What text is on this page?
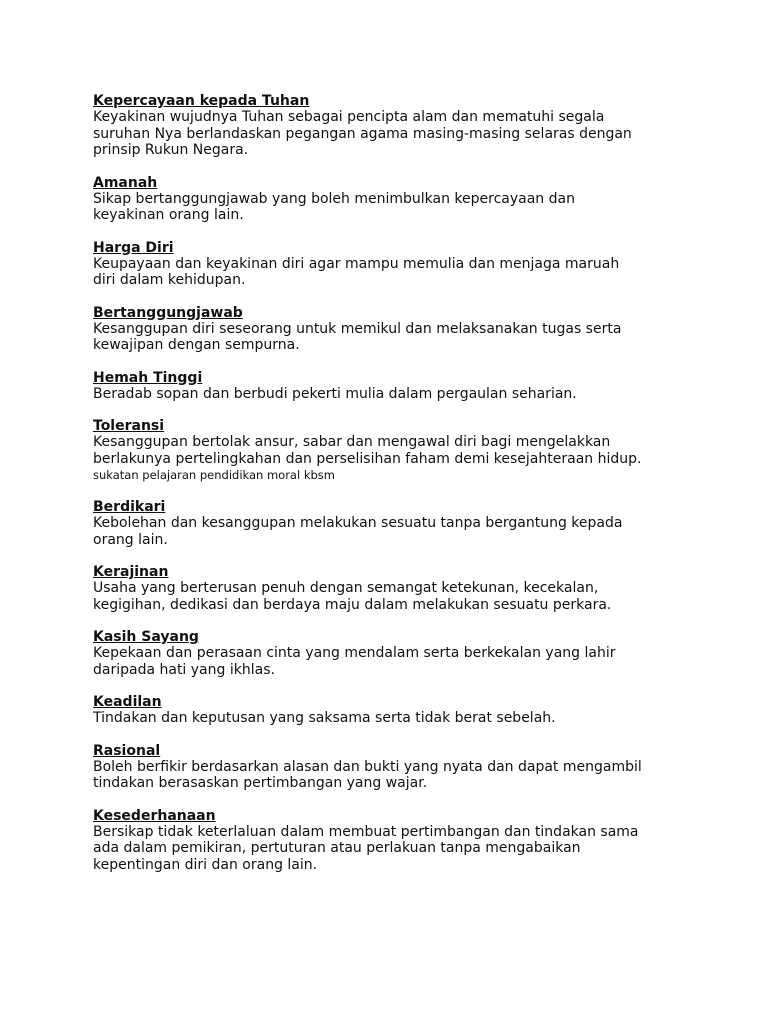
Kepercayaan kepada Tuhan
Keyakinan wujudnya Tuhan sebagai pencipta alam dan mematuhi segala
suruhan Nya berlandaskan pegangan agama masing-masing selaras dengan
prinsip Rukun Negara.
Amanah
Sikap bertanggungjawab yang boleh menimbulkan kepercayaan dan
keyakinan orang lain.
Harga Diri
Keupayaan dan keyakinan diri agar mampu memulia dan menjaga maruah
diri dalam kehidupan.
Bertanggungjawab
Kesanggupan diri seseorang untuk memikul dan melaksanakan tugas serta
kewajipan dengan sempurna.
Hemah Tinggi
Beradab sopan dan berbudi pekerti mulia dalam pergaulan seharian.
Toleransi
Kesanggupan bertolak ansur, sabar dan mengawal diri bagi mengelakkan
berlakunya pertelingkahan dan perselisihan faham demi kesejahteraan hidup.
sukatan pelajaran pendidikan moral kbsm
Berdikari
Kebolehan dan kesanggupan melakukan sesuatu tanpa bergantung kepada
orang lain.
Kerajinan
Usaha yang berterusan penuh dengan semangat ketekunan, kecekalan,
kegigihan, dedikasi dan berdaya maju dalam melakukan sesuatu perkara.
Kasih Sayang
Kepekaan dan perasaan cinta yang mendalam serta berkekalan yang lahir
daripada hati yang ikhlas.
Keadilan
Tindakan dan keputusan yang saksama serta tidak berat sebelah.
Rasional
Boleh berfikir berdasarkan alasan dan bukti yang nyata dan dapat mengambil
tindakan berasaskan pertimbangan yang wajar.
Kesederhanaan
Bersikap tidak keterlaluan dalam membuat pertimbangan dan tindakan sama
ada dalam pemikiran, pertuturan atau perlakuan tanpa mengabaikan
kepentingan diri dan orang lain.
